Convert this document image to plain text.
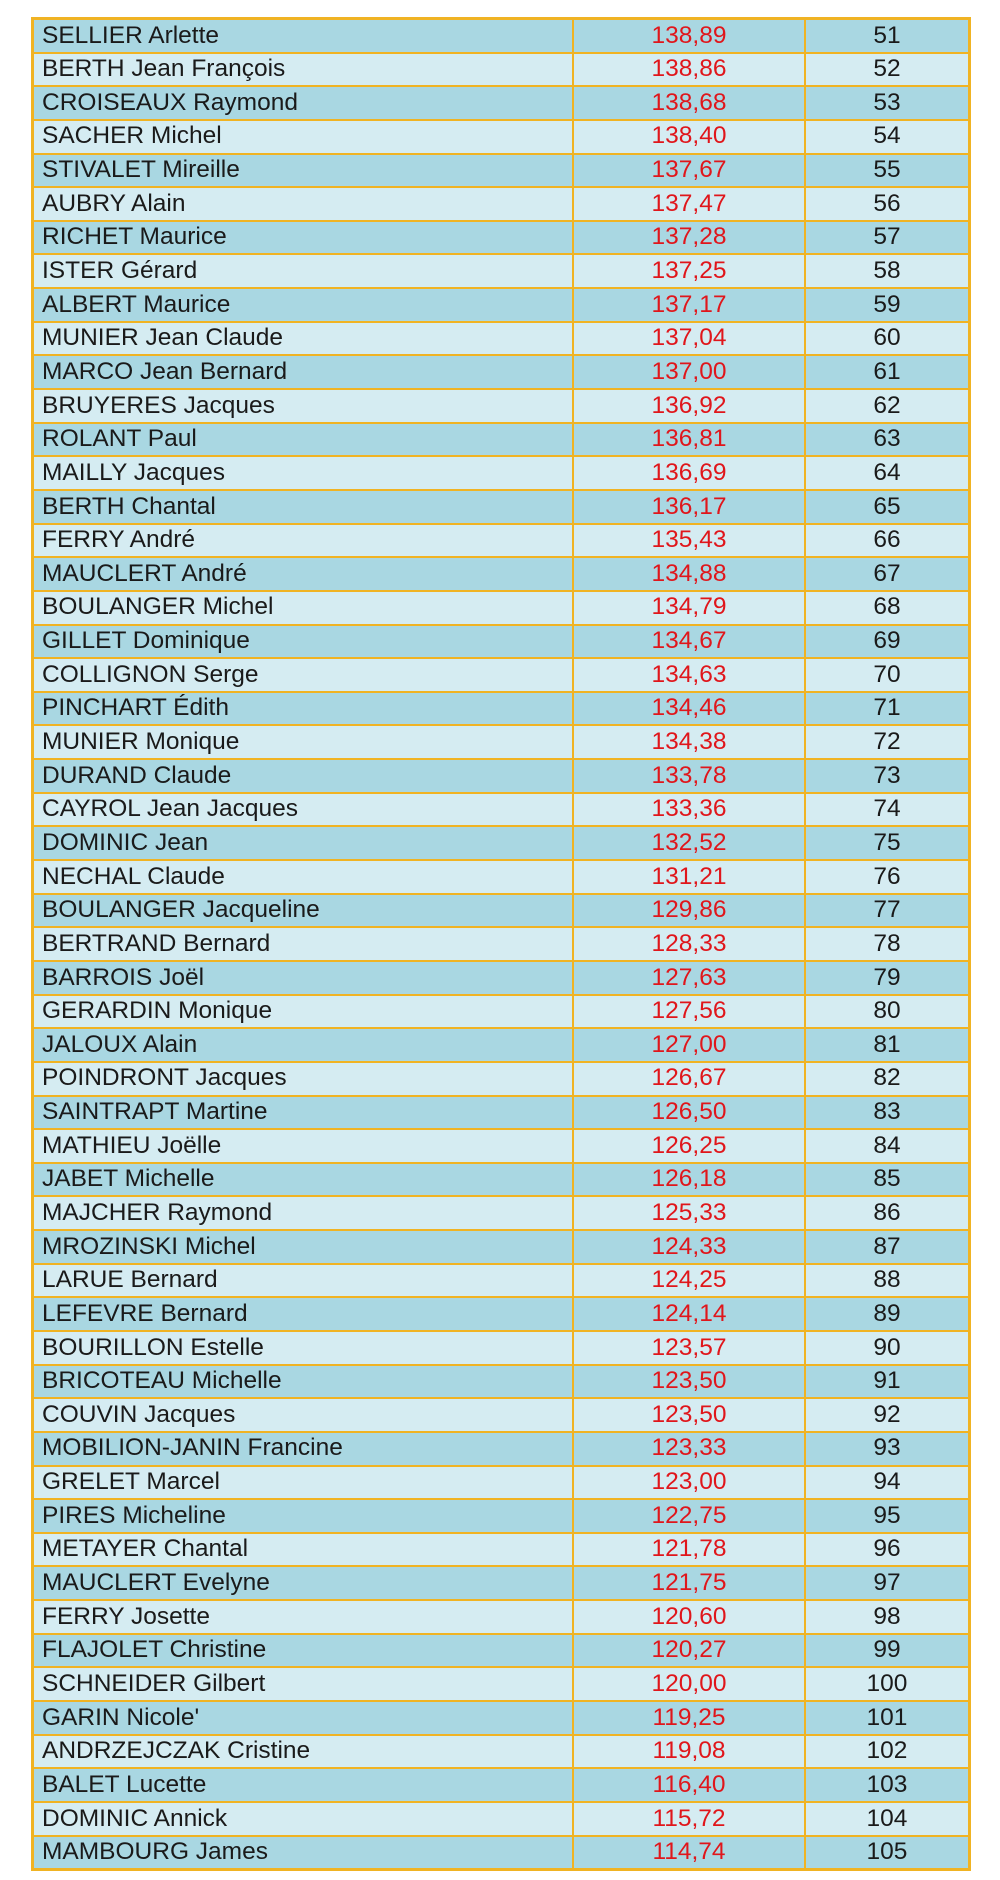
SELLIER Arlette	138,89	51
BERTH Jean François	138,86	52
CROISEAUX Raymond	138,68	53
SACHER Michel	138,40	54
STIVALET Mireille	137,67	55
AUBRY Alain	137,47	56
RICHET Maurice	137,28	57
ISTER Gérard	137,25	58
ALBERT Maurice	137,17	59
MUNIER Jean Claude	137,04	60
MARCO Jean Bernard	137,00	61
BRUYERES Jacques	136,92	62
ROLANT Paul	136,81	63
MAILLY Jacques	136,69	64
BERTH Chantal	136,17	65
FERRY André	135,43	66
MAUCLERT André	134,88	67
BOULANGER Michel	134,79	68
GILLET Dominique	134,67	69
COLLIGNON Serge	134,63	70
PINCHART Édith	134,46	71
MUNIER Monique	134,38	72
DURAND Claude	133,78	73
CAYROL Jean Jacques	133,36	74
DOMINIC Jean	132,52	75
NECHAL Claude	131,21	76
BOULANGER Jacqueline	129,86	77
BERTRAND Bernard	128,33	78
BARROIS Joël	127,63	79
GERARDIN Monique	127,56	80
JALOUX Alain	127,00	81
POINDRONT Jacques	126,67	82
SAINTRAPT Martine	126,50	83
MATHIEU Joëlle	126,25	84
JABET Michelle	126,18	85
MAJCHER Raymond	125,33	86
MROZINSKI Michel	124,33	87
LARUE Bernard	124,25	88
LEFEVRE Bernard	124,14	89
BOURILLON Estelle	123,57	90
BRICOTEAU Michelle	123,50	91
COUVIN Jacques	123,50	92
MOBILION-JANIN Francine	123,33	93
GRELET Marcel	123,00	94
PIRES Micheline	122,75	95
METAYER Chantal	121,78	96
MAUCLERT Evelyne	121,75	97
FERRY Josette	120,60	98
FLAJOLET Christine	120,27	99
SCHNEIDER Gilbert	120,00	100
GARIN Nicole'	119,25	101
ANDRZEJCZAK Cristine	119,08	102
BALET Lucette	116,40	103
DOMINIC Annick	115,72	104
MAMBOURG James	114,74	105
